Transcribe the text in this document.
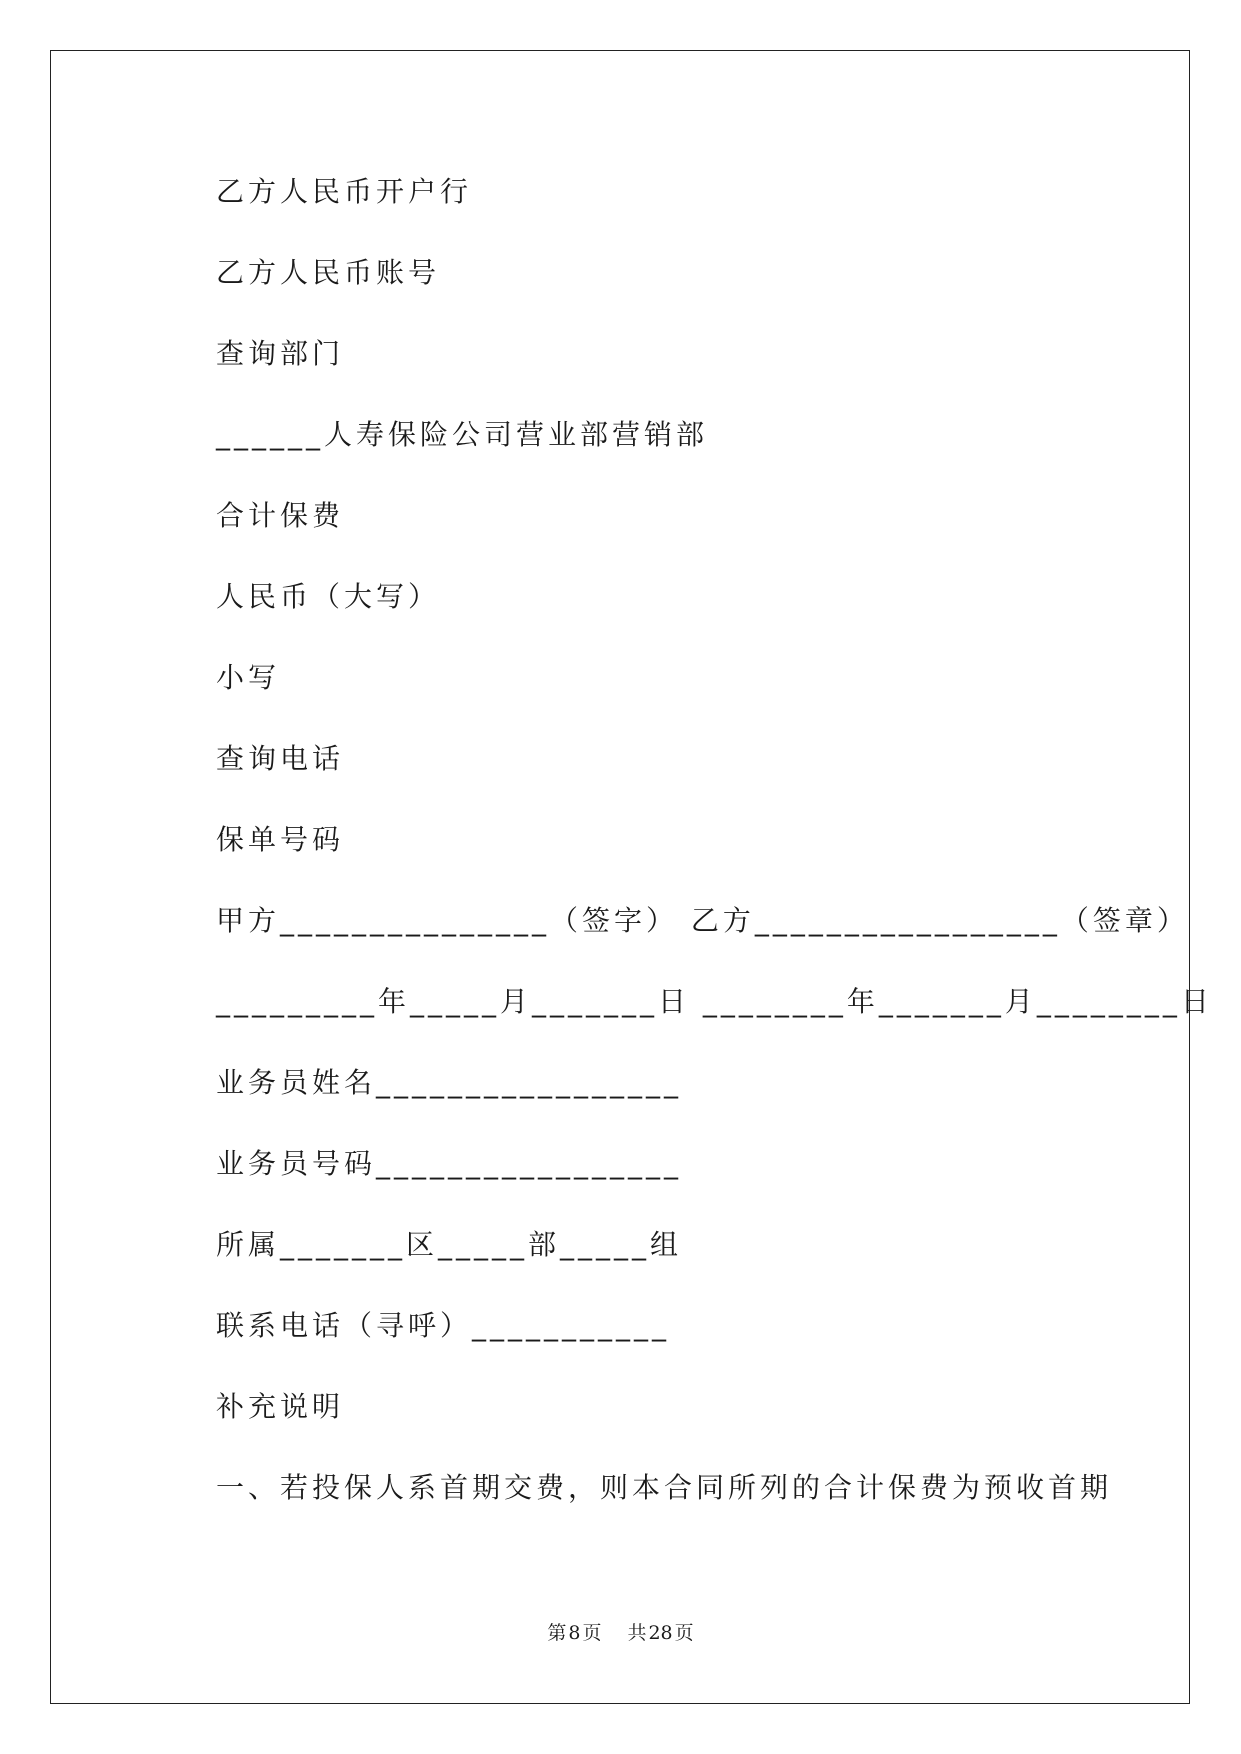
乙方人民币开户行
乙方人民币账号
查询部门
______人寿保险公司营业部营销部
合计保费
人民币（大写）
小写
查询电话
保单号码
甲方_______________（签字） 乙方_________________（签章）
_________年_____月_______日 ________年_______月________日
业务员姓名_________________
业务员号码_________________
所属_______区_____部_____组
联系电话（寻呼）___________
补充说明
一、若投保人系首期交费，则本合同所列的合计保费为预收首期
第 8 页 共 28 页
